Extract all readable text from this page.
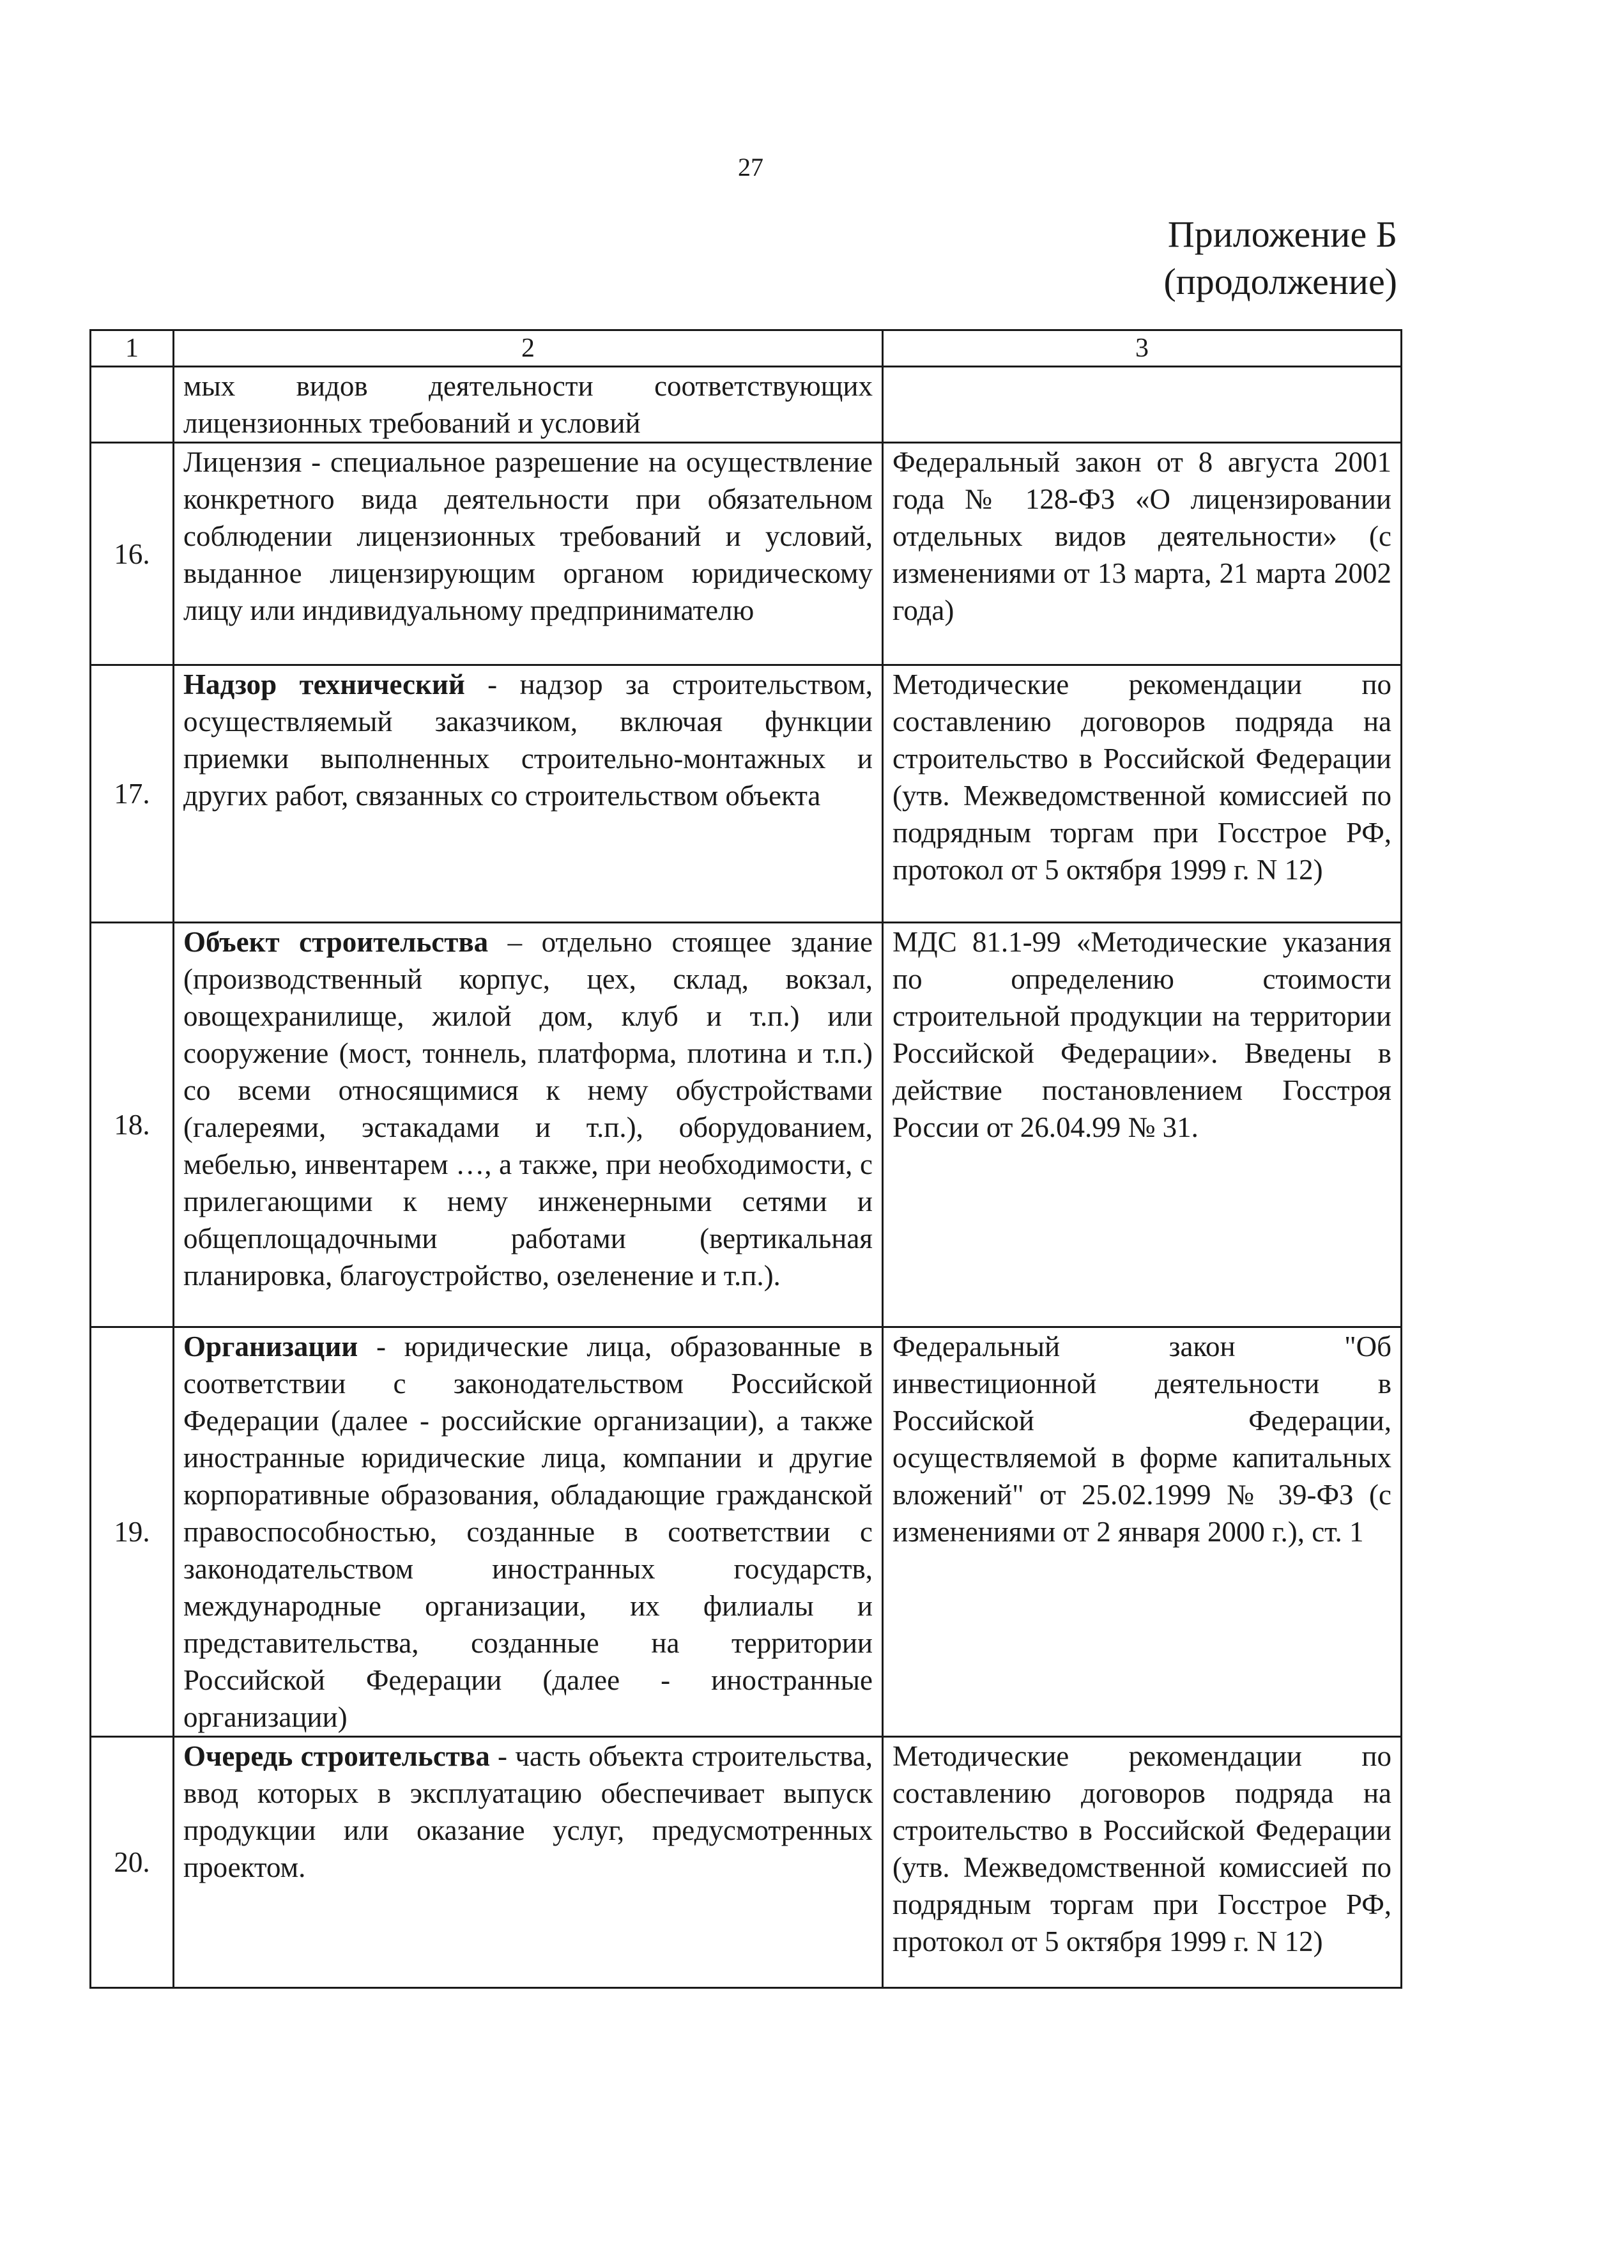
27
Приложение Б
(продолжение)
1	2	3
	мых видов деятельности соответствующих лицензионных требований и условий	
16.	Лицензия - специальное разрешение на осуществление конкретного вида деятельности при обязательном соблюдении лицензионных требований и условий, выданное лицензирующим органом юридическому лицу или индивидуальному предпринимателю	Федеральный закон от 8 августа 2001 года № 128-ФЗ «О лицензировании отдельных видов деятельности» (с изменениями от 13 марта, 21 марта 2002 года)
17.	Надзор технический - надзор за строительством, осуществляемый заказчиком, включая функции приемки выполненных строительно-монтажных и других работ, связанных со строительством объекта	Методические рекомендации по составлению договоров подряда на строительство в Российской Федерации (утв. Межведомственной комиссией по подрядным торгам при Госстрое РФ, протокол от 5 октября 1999 г. N 12)
18.	Объект строительства – отдельно стоящее здание (производственный корпус, цех, склад, вокзал, овощехранилище, жилой дом, клуб и т.п.) или сооружение (мост, тоннель, платформа, плотина и т.п.) со всеми относящимися к нему обустройствами (галереями, эстакадами и т.п.), оборудованием, мебелью, инвентарем …, а также, при необходимости, с прилегающими к нему инженерными сетями и общеплощадочными работами (вертикальная планировка, благоустройство, озеленение и т.п.).	МДС 81.1-99 «Методические указания по определению стоимости строительной продукции на территории Российской Федерации». Введены в действие постановлением Госстроя России от 26.04.99 № 31.
19.	Организации - юридические лица, образованные в соответствии с законодательством Российской Федерации (далее - российские организации), а также иностранные юридические лица, компании и другие корпоративные образования, обладающие гражданской правоспособностью, созданные в соответствии с законодательством иностранных государств, международные организации, их филиалы и представительства, созданные на территории Российской Федерации (далее - иностранные организации)	Федеральный закон "Об инвестиционной деятельности в Российской Федерации, осуществляемой в форме капитальных вложений" от 25.02.1999 № 39-ФЗ (с изменениями от 2 января 2000 г.), ст. 1
20.	Очередь строительства - часть объекта строительства, ввод которых в эксплуатацию обеспечивает выпуск продукции или оказание услуг, предусмотренных проектом.	Методические рекомендации по составлению договоров подряда на строительство в Российской Федерации (утв. Межведомственной комиссией по подрядным торгам при Госстрое РФ, протокол от 5 октября 1999 г. N 12)
